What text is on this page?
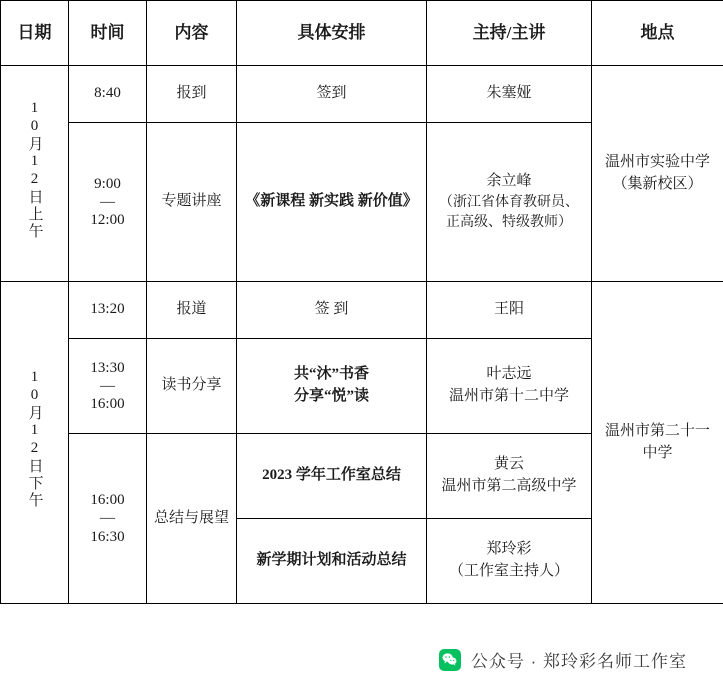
日期	时间	内容	具体安排	主持/主讲	地点
10月12日上午	8:40	报到	签到	朱塞娅	温州市实验中学（集新校区）

	9:00
—
12:00	专题讲座	《新课程 新实践 新价值》	余立峰
（浙江省体育教研员、正高级、特级教师）	

10月12日下午	13:20	报道	签 到	王阳	温州市第二十一中学

	13:30
—
16:00	读书分享	共“沐”书香
分享“悦”读	叶志远
温州市第十二中学	

	16:00
—
16:30	总结与展望	2023 学年工作室总结	黄云
温州市第二高级中学	

			新学期计划和活动总结	郑玲彩
（工作室主持人）	
公众号 · 郑玲彩名师工作室
